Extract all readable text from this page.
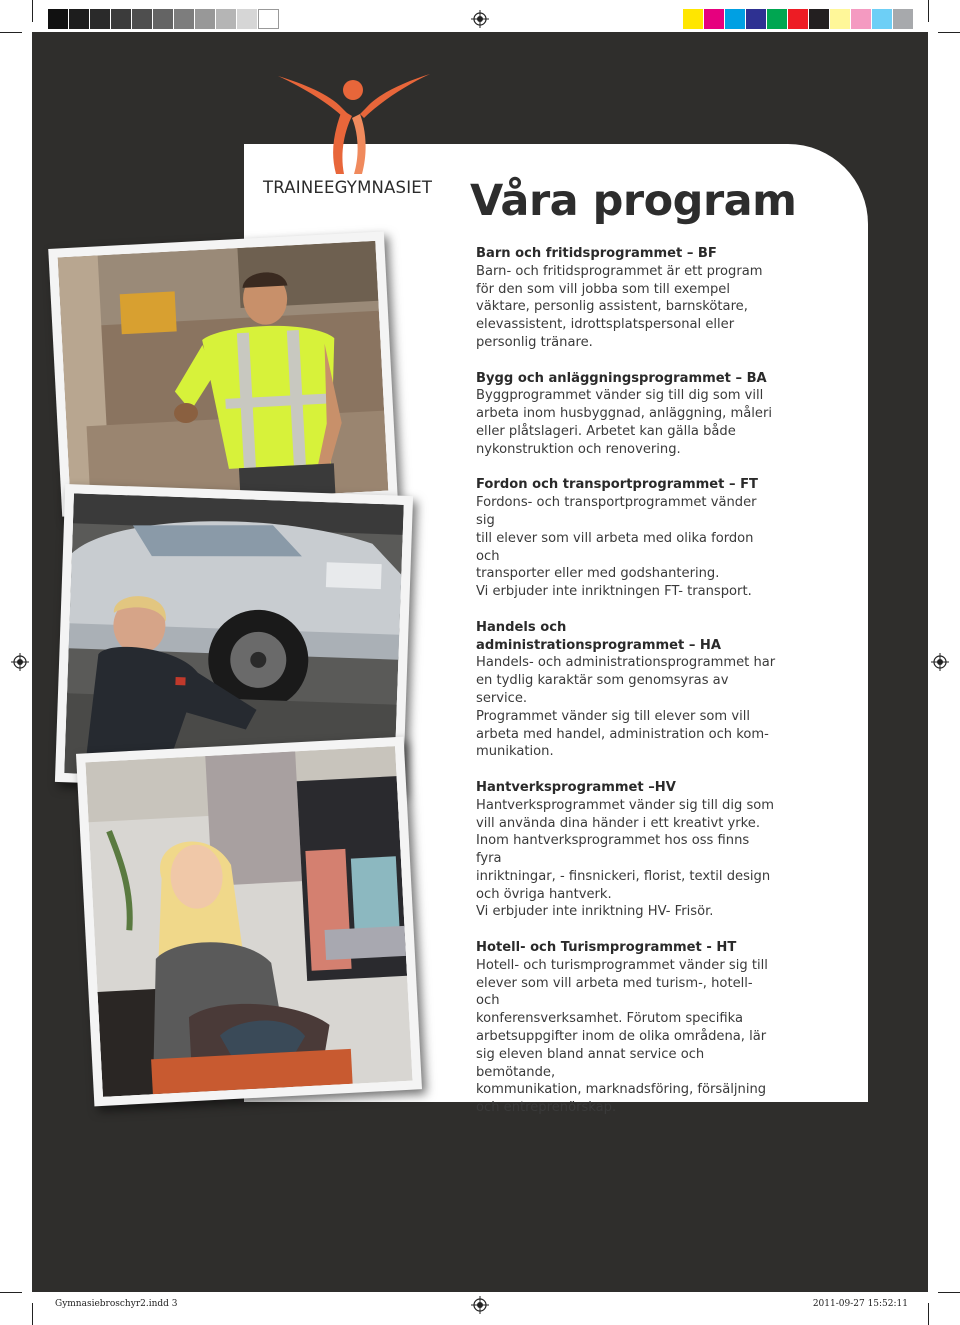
TRAINEEGYMNASIET Våra program
Barn och fritidsprogrammet – BF

Barn- och fritidsprogrammet är ett program
för den som vill jobba som till exempel
väktare, personlig assistent, barnskötare,
elevassistent, idrottsplatspersonal eller
personlig tränare.

Bygg och anläggningsprogrammet – BA

Byggprogrammet vänder sig till dig som vill
arbeta inom husbyggnad, anläggning, måleri
eller plåtslageri. Arbetet kan gälla både
nykonstruktion och renovering.

Fordon och transportprogrammet – FT

Fordons- och transportprogrammet vänder sig
till elever som vill arbeta med olika fordon och
transporter eller med godshantering.
Vi erbjuder inte inriktningen FT- transport.

Handels och
administrationsprogrammet – HA

Handels- och administrationsprogrammet har
en tydlig karaktär som genomsyras av service.
Programmet vänder sig till elever som vill
arbeta med handel, administration och kom-
munikation.

Hantverksprogrammet –HV

Hantverksprogrammet vänder sig till dig som
vill använda dina händer i ett kreativt yrke.
Inom hantverksprogrammet hos oss finns fyra
inriktningar, - finsnickeri, florist, textil design
och övriga hantverk.
Vi erbjuder inte inriktning HV- Frisör.

Hotell- och Turismprogrammet - HT

Hotell- och turismprogrammet vänder sig till
elever som vill arbeta med turism-, hotell- och
konferensverksamhet. Förutom specifika
arbetsuppgifter inom de olika områdena, lär
sig eleven bland annat service och bemötande,
kommunikation, marknadsföring, försäljning
och entreprenörskap.

Gymnasiebroschyr2.indd 3	2011-09-27 15:52:11
